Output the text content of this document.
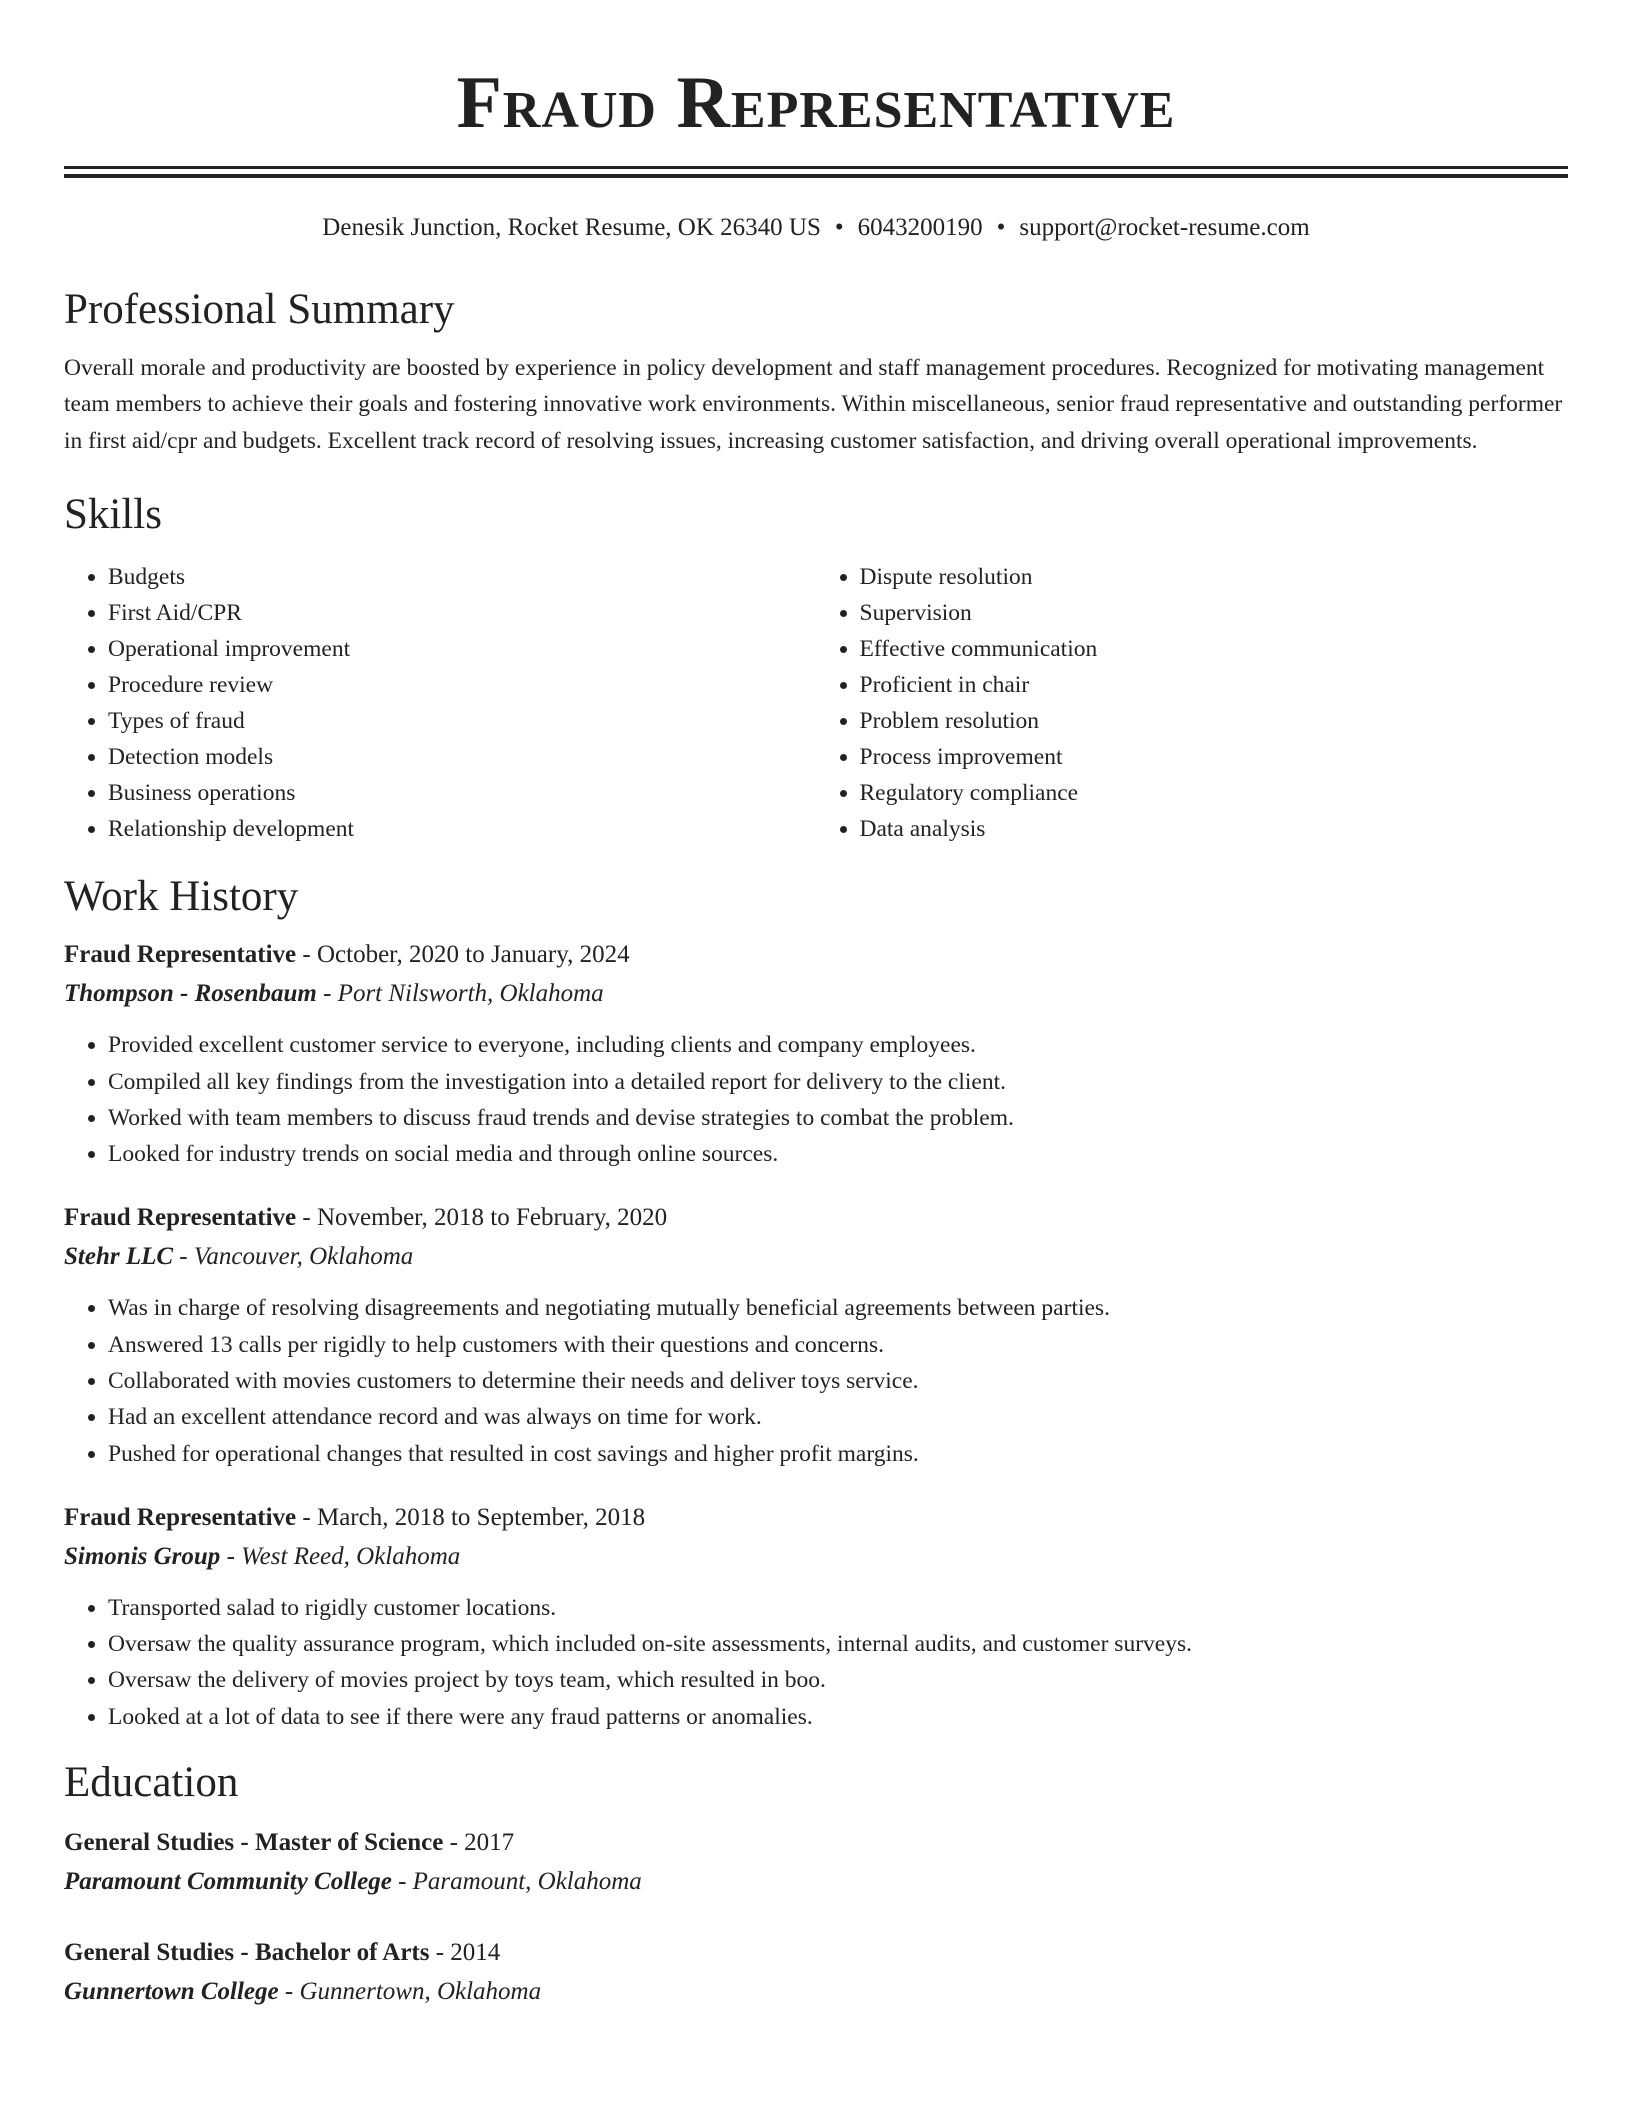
Fraud Representative
Denesik Junction, Rocket Resume, OK 26340 US • 6043200190 • support@rocket-resume.com
Professional Summary
Overall morale and productivity are boosted by experience in policy development and staff management procedures. Recognized for motivating management team members to achieve their goals and fostering innovative work environments. Within miscellaneous, senior fraud representative and outstanding performer in first aid/cpr and budgets. Excellent track record of resolving issues, increasing customer satisfaction, and driving overall operational improvements.
Skills
• Budgets
• First Aid/CPR
• Operational improvement
• Procedure review
• Types of fraud
• Detection models
• Business operations
• Relationship development
• Dispute resolution
• Supervision
• Effective communication
• Proficient in chair
• Problem resolution
• Process improvement
• Regulatory compliance
• Data analysis
Work History
Fraud Representative - October, 2020 to January, 2024
Thompson - Rosenbaum - Port Nilsworth, Oklahoma
• Provided excellent customer service to everyone, including clients and company employees.
• Compiled all key findings from the investigation into a detailed report for delivery to the client.
• Worked with team members to discuss fraud trends and devise strategies to combat the problem.
• Looked for industry trends on social media and through online sources.
Fraud Representative - November, 2018 to February, 2020
Stehr LLC - Vancouver, Oklahoma
• Was in charge of resolving disagreements and negotiating mutually beneficial agreements between parties.
• Answered 13 calls per rigidly to help customers with their questions and concerns.
• Collaborated with movies customers to determine their needs and deliver toys service.
• Had an excellent attendance record and was always on time for work.
• Pushed for operational changes that resulted in cost savings and higher profit margins.
Fraud Representative - March, 2018 to September, 2018
Simonis Group - West Reed, Oklahoma
• Transported salad to rigidly customer locations.
• Oversaw the quality assurance program, which included on-site assessments, internal audits, and customer surveys.
• Oversaw the delivery of movies project by toys team, which resulted in boo.
• Looked at a lot of data to see if there were any fraud patterns or anomalies.
Education
General Studies - Master of Science - 2017
Paramount Community College - Paramount, Oklahoma
General Studies - Bachelor of Arts - 2014
Gunnertown College - Gunnertown, Oklahoma
